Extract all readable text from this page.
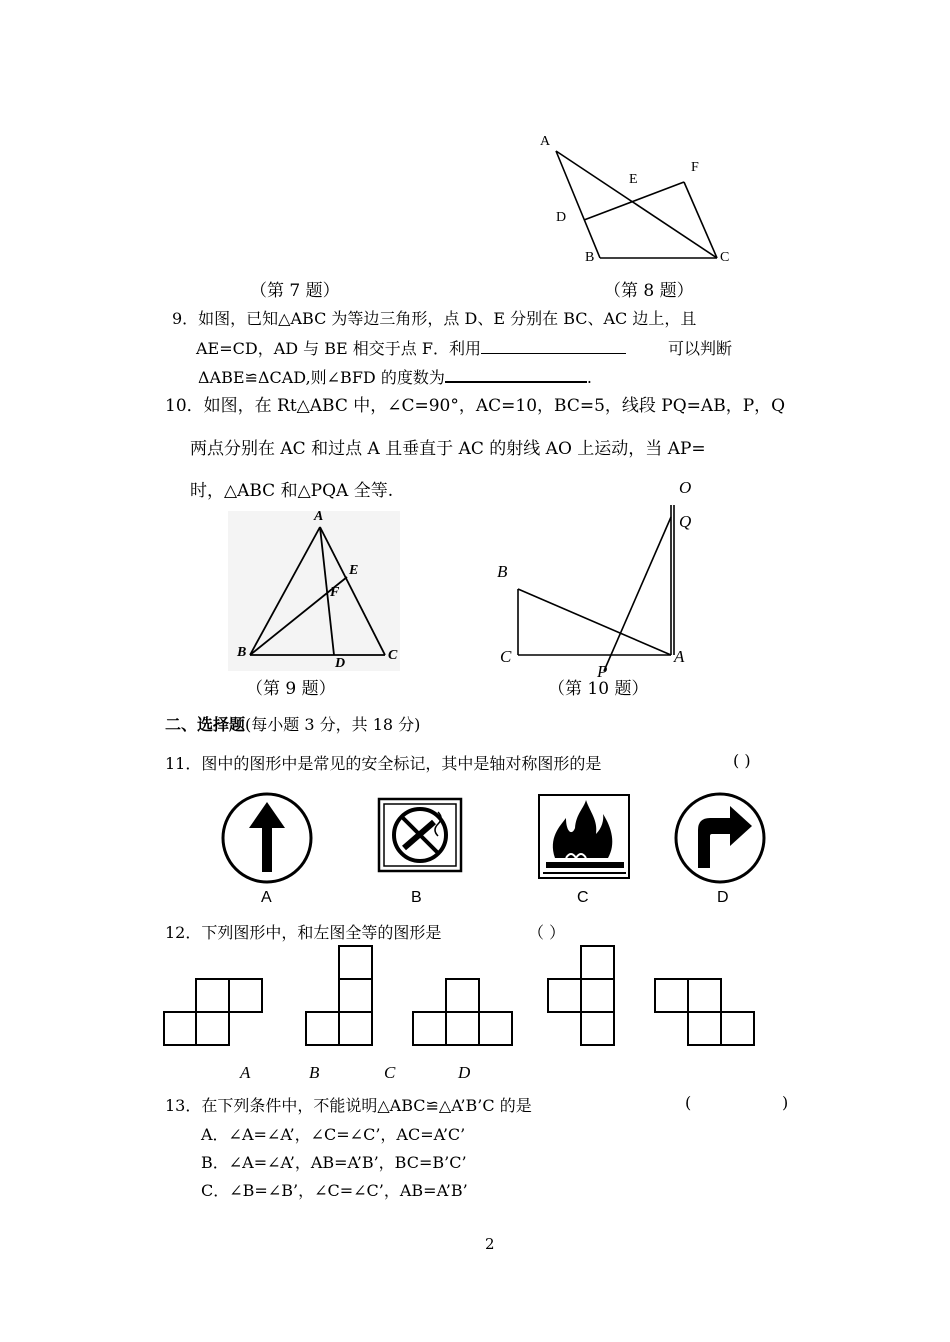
A
F
E
D
B	C
（第 7 题）	（第 8 题）
9．如图，已知△ABC 为等边三角形，点 D、E 分别在 BC、AC 边上，且
AE=CD，AD 与 BE 相交于点 F．利用	可以判断
ΔABE≌ΔCAD,则∠BFD 的度数为	.
10．如图，在 Rt△ABC 中，∠C=90°，AC=10，BC=5，线段 PQ=AB，P，Q
两点分别在 AC 和过点 A 且垂直于 AC 的射线 AO 上运动，当 AP=
时，△ABC 和△PQA 全等.
A
E
F
B
D
C
O
Q
B
C	A
P
（第 9 题）	（第 10 题）
二、选择题(每小题 3 分，共 18 分)
11．图中的图形中是常见的安全标记，其中是轴对称图形的是	( )
A	B	C	D
12．下列图形中，和左图全等的图形是	（ ）
A	B	C	D
13．在下列条件中，不能说明△ABC≌△A’B’C 的是	(	)
A．∠A=∠A’，∠C=∠C’，AC=A’C’
B．∠A=∠A’，AB=A’B’，BC=B’C’
C．∠B=∠B’，∠C=∠C’，AB=A’B’
2
